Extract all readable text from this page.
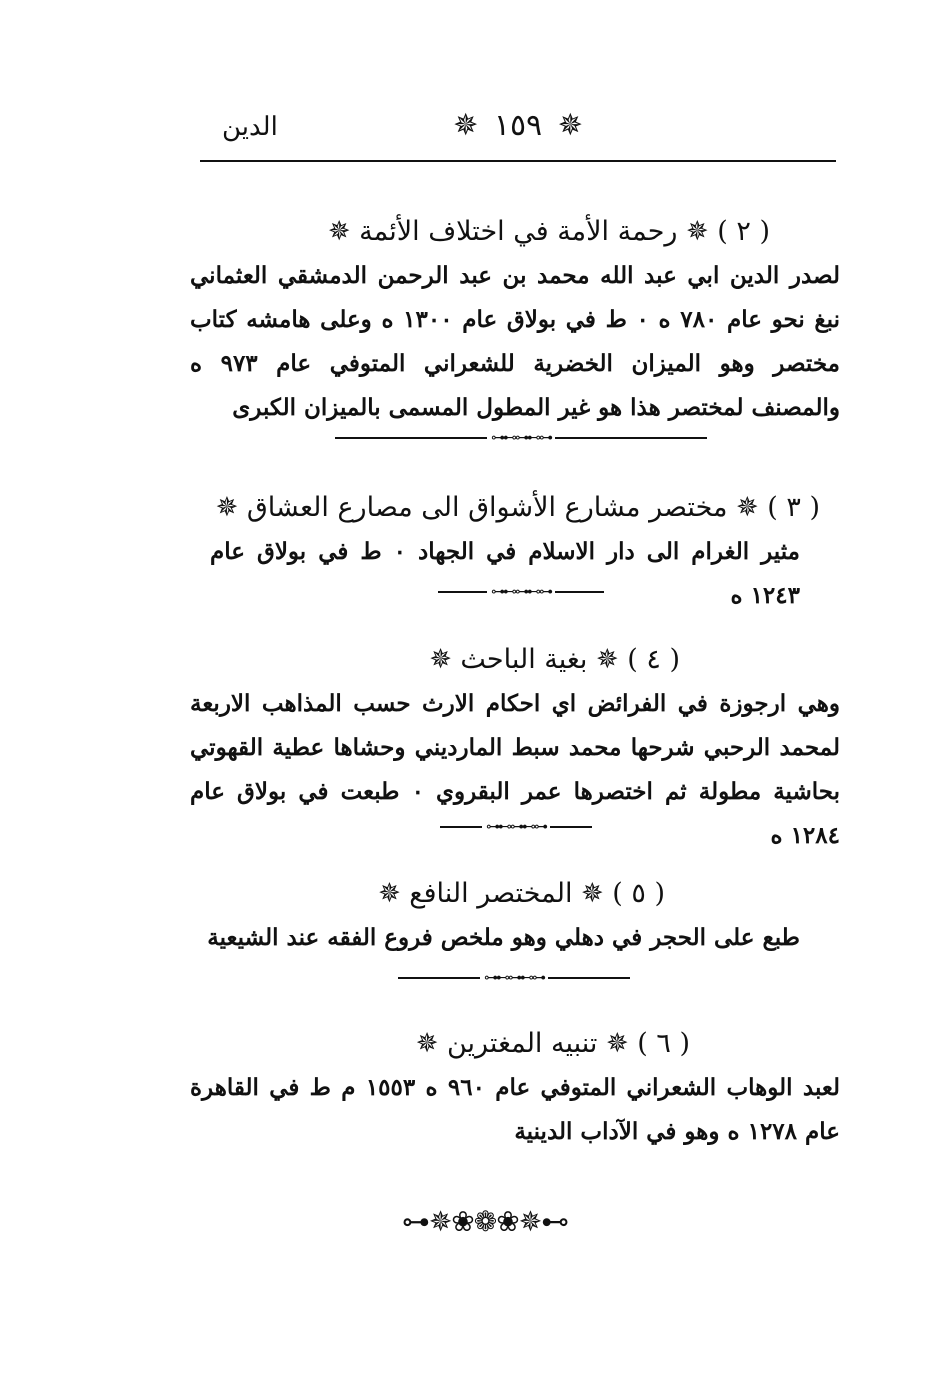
الدين	✵ ١٥٩ ✵
( ٢ ) ✵ رحمة الأمة في اختلاف الأئمة ✵
لصدر الدين ابي عبد الله محمد بن عبد الرحمن الدمشقي العثماني نبغ نحو عام ٧٨٠ ه ٠ ط في بولاق عام ١٣٠٠ ه وعلى هامشه كتاب مختصر وهو الميزان الخضرية للشعراني المتوفي عام ٩٧٣ ه والمصنف لمختصر هذا هو غير المطول المسمى بالميزان الكبرى
⊶⊷⊶⊷⊶
( ٣ ) ✵ مختصر مشارع الأشواق الى مصارع العشاق ✵
مثير الغرام الى دار الاسلام في الجهاد ٠ ط في بولاق عام ١٢٤٣ ه
⊶⊷⊶⊷⊶
( ٤ ) ✵ بغية الباحث ✵
وهي ارجوزة في الفرائض اي احكام الارث حسب المذاهب الاربعة لمحمد الرحبي شرحها محمد سبط المارديني وحشاها عطية القهوتي بحاشية مطولة ثم اختصرها عمر البقروي ٠ طبعت في بولاق عام ١٢٨٤ ه
⊶⊷⊶⊷⊶
( ٥ ) ✵ المختصر النافع ✵
طبع على الحجر في دهلي وهو ملخص فروع الفقه عند الشيعية
⊶⊷⊶⊷⊶
( ٦ ) ✵ تنبيه المغترين ✵
لعبد الوهاب الشعراني المتوفي عام ٩٦٠ ه ١٥٥٣ م ط في القاهرة عام ١٢٧٨ ه وهو في الآداب الدينية
⊶✵❀❁❀✵⊷
